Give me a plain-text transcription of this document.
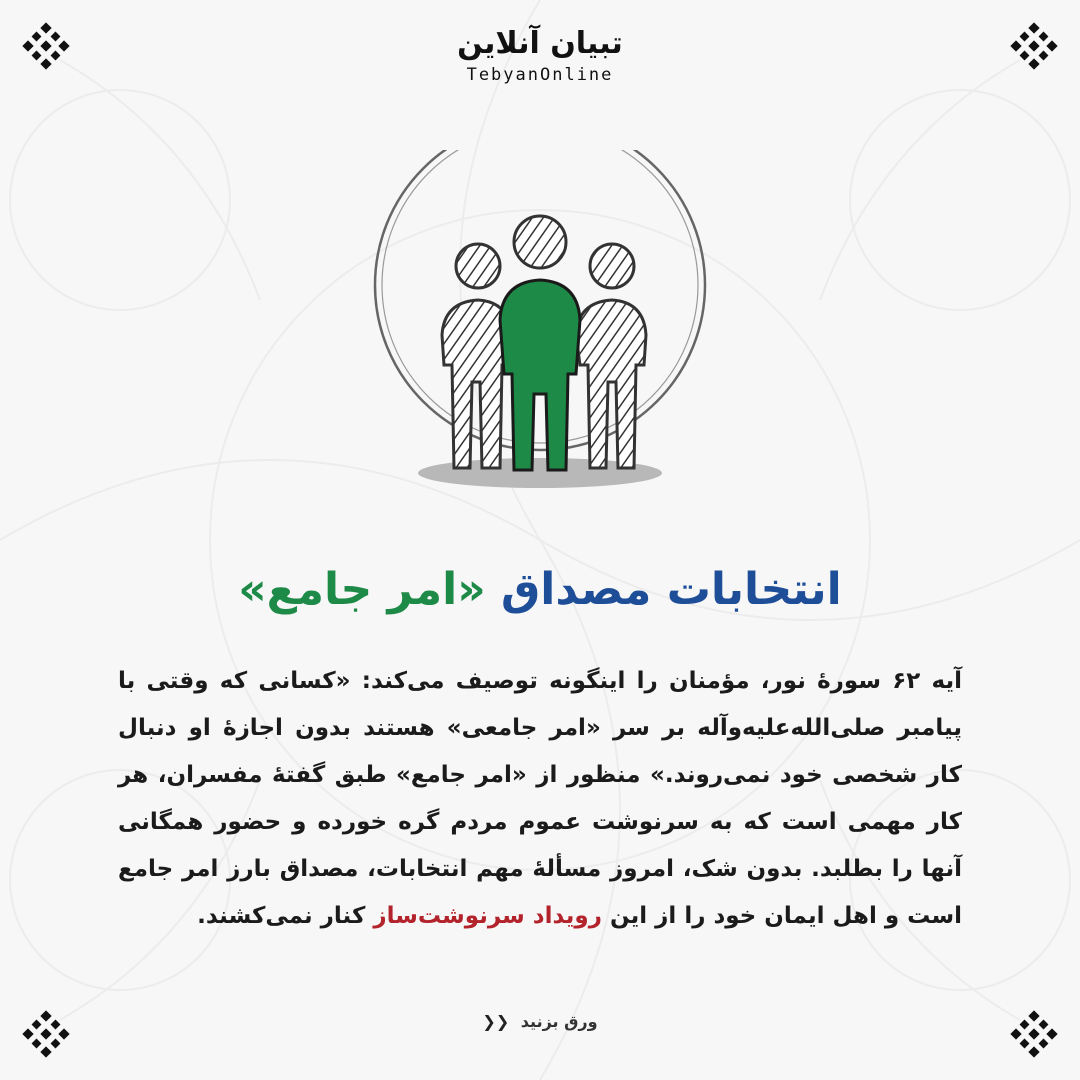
تبیان آنلاین
TebyanOnline
انتخابات مصداق «امر جامع»
آیه ۶۲ سورۀ نور، مؤمنان را اینگونه توصیف می‌کند: «کسانی که وقتی با پیامبر صلی‌الله‌علیه‌وآله بر سر «امر جامعی» هستند بدون اجازۀ او دنبال کار شخصی خود نمی‌روند.» منظور از «امر جامع» طبق گفتۀ مفسران، هر کار مهمی است که به سرنوشت عموم مردم گره خورده و حضور همگانی آنها را بطلبد. بدون شک، امروز مسألۀ مهم انتخابات، مصداق بارز امر جامع است و اهل ایمان خود را از این رویداد سرنوشت‌ساز کنار نمی‌کشند.
ورق بزنید ❮❮
